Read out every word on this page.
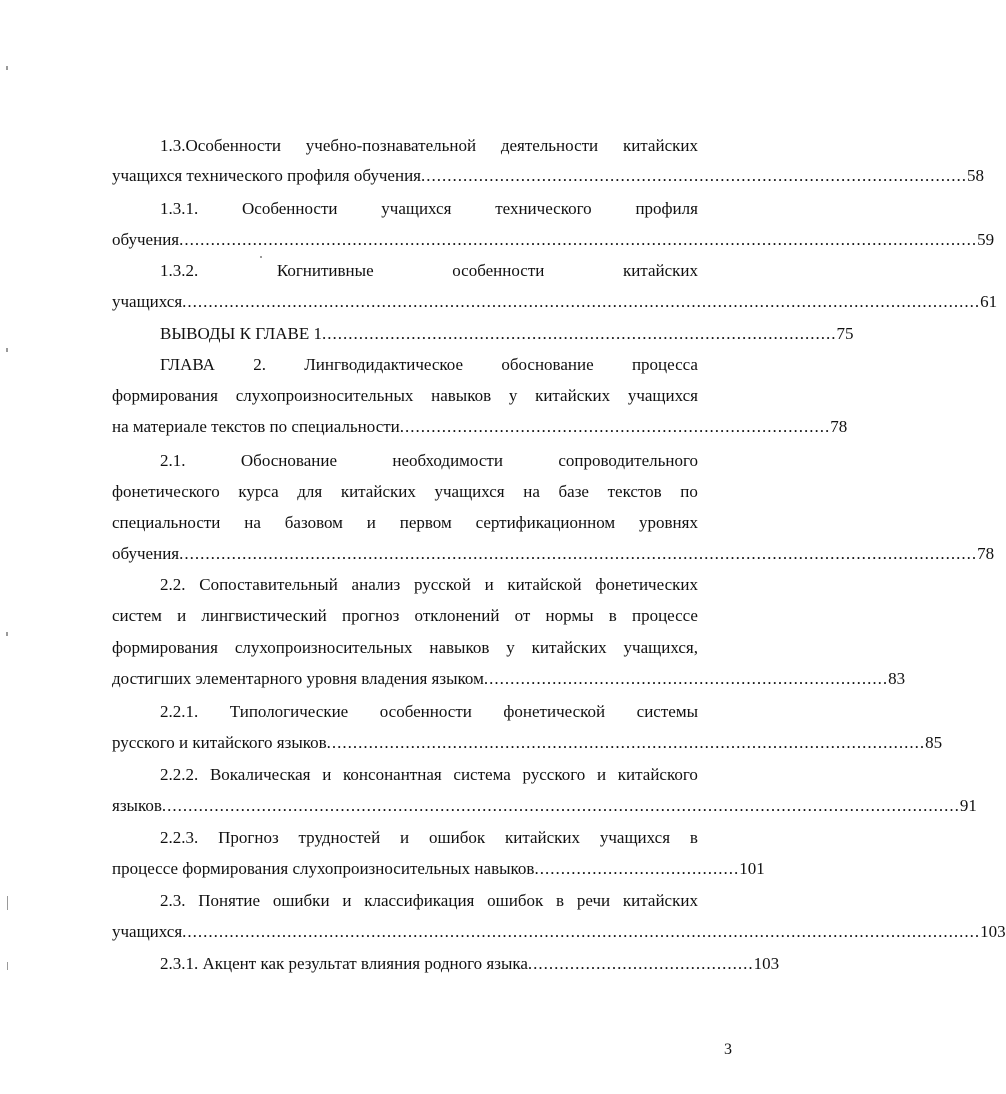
1.3.Особенности учебно-познавательной деятельности китайских
учащихся технического профиля обучения ........................................................................................................ 58
1.3.1.	Особенности	учащихся	технического	профиля
обучения ........................................................................................................................................................ 59
1.3.2.	Когнитивные	особенности	китайских
учащихся ........................................................................................................................................................ 61
ВЫВОДЫ К ГЛАВЕ 1 .................................................................................................. 75
ГЛАВА 2. Лингводидактическое обоснование процесса
формирования слухопроизносительных навыков у китайских учащихся
на материале текстов по специальности .................................................................................. 78
2.1.	Обоснование	необходимости	сопроводительного
фонетического курса для китайских учащихся на базе текстов по
специальности на базовом и первом сертификационном уровнях
обучения ........................................................................................................................................................ 78
2.2. Сопоставительный анализ русской и китайской фонетических
систем и лингвистический прогноз отклонений от нормы в процессе
формирования слухопроизносительных навыков у китайских учащихся,
достигших элементарного уровня владения языком ............................................................................. 83
2.2.1. Типологические особенности фонетической системы
русского и китайского языков .................................................................................................................. 85
2.2.2. Вокалическая и консонантная система русского и китайского
языков ........................................................................................................................................................ 91
2.2.3. Прогноз трудностей и ошибок китайских учащихся в
процессе формирования слухопроизносительных навыков ....................................... 101
2.3. Понятие ошибки и классификация ошибок в речи китайских
учащихся ........................................................................................................................................................ 103
2.3.1. Акцент как результат влияния родного языка ........................................... 103
3
